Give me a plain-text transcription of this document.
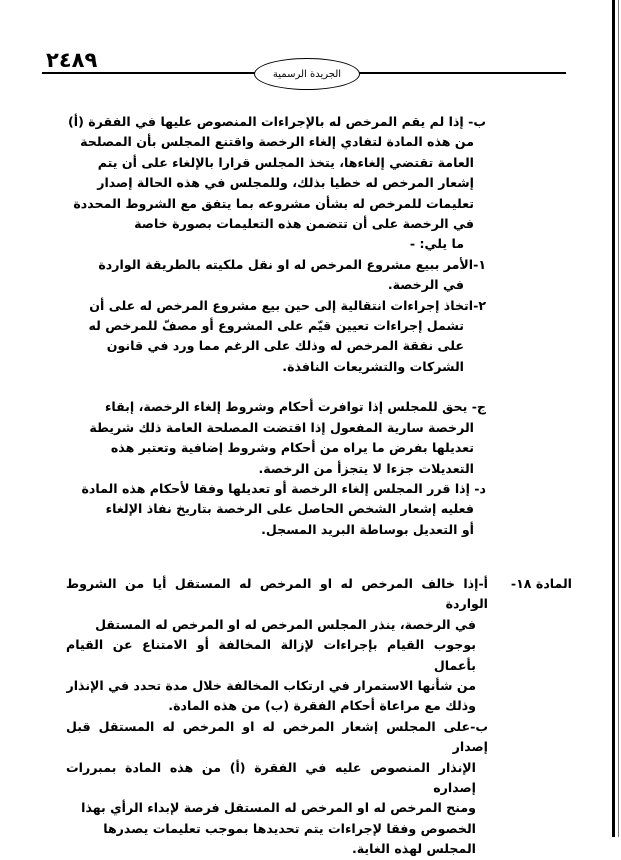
٢٤٨٩
الجريدة الرسمية

ب- إذا لم يقم المرخص له بالإجراءات المنصوص عليها في الفقرة (أ)

من هذه المادة لتفادي إلغاء الرخصة واقتنع المجلس بأن المصلحة

العامة تقتضي إلغاءها، يتخذ المجلس قرارا بالإلغاء على أن يتم

إشعار المرخص له خطيا بذلك، وللمجلس في هذه الحالة إصدار

تعليمات للمرخص له بشأن مشروعه بما يتفق مع الشروط المحددة

في الرخصة على أن تتضمن هذه التعليمات بصورة خاصة

ما يلي: -

١-الأمر ببيع مشروع المرخص له او نقل ملكيته بالطريقة الواردة

في الرخصة.

٢-اتخاذ إجراءات انتقالية إلى حين بيع مشروع المرخص له على أن

تشمل إجراءات تعيين قيّم على المشروع أو مصفّ للمرخص له

على نفقة المرخص له وذلك على الرغم مما ورد في قانون

الشركات والتشريعات النافذة.

ج- يحق للمجلس إذا توافرت أحكام وشروط إلغاء الرخصة، إبقاء

الرخصة سارية المفعول إذا اقتضت المصلحة العامة ذلك شريطة

تعديلها بفرض ما يراه من أحكام وشروط إضافية وتعتبر هذه

التعديلات جزءا لا يتجزأ من الرخصة.

د- إذا قرر المجلس إلغاء الرخصة أو تعديلها وفقا لأحكام هذه المادة

فعليه إشعار الشخص الحاصل على الرخصة بتاريخ نفاذ الإلغاء

أو التعديل بوساطة البريد المسجل.

المادة ١٨-

أ-إذا خالف المرخص له او المرخص له المستقل أيا من الشروط الواردة

في الرخصة، ينذر المجلس المرخص له او المرخص له المستقل

بوجوب القيام بإجراءات لإزالة المخالفة أو الامتناع عن القيام بأعمال

من شأنها الاستمرار في ارتكاب المخالفة خلال مدة تحدد في الإنذار

وذلك مع مراعاة أحكام الفقرة (ب) من هذه المادة.

ب-على المجلس إشعار المرخص له او المرخص له المستقل قبل إصدار

الإنذار المنصوص عليه في الفقرة (أ) من هذه المادة بمبررات إصداره

ومنح المرخص له او المرخص له المستقل فرصة لإبداء الرأي بهذا

الخصوص وفقا لإجراءات يتم تحديدها بموجب تعليمات يصدرها

المجلس لهذه الغاية.
